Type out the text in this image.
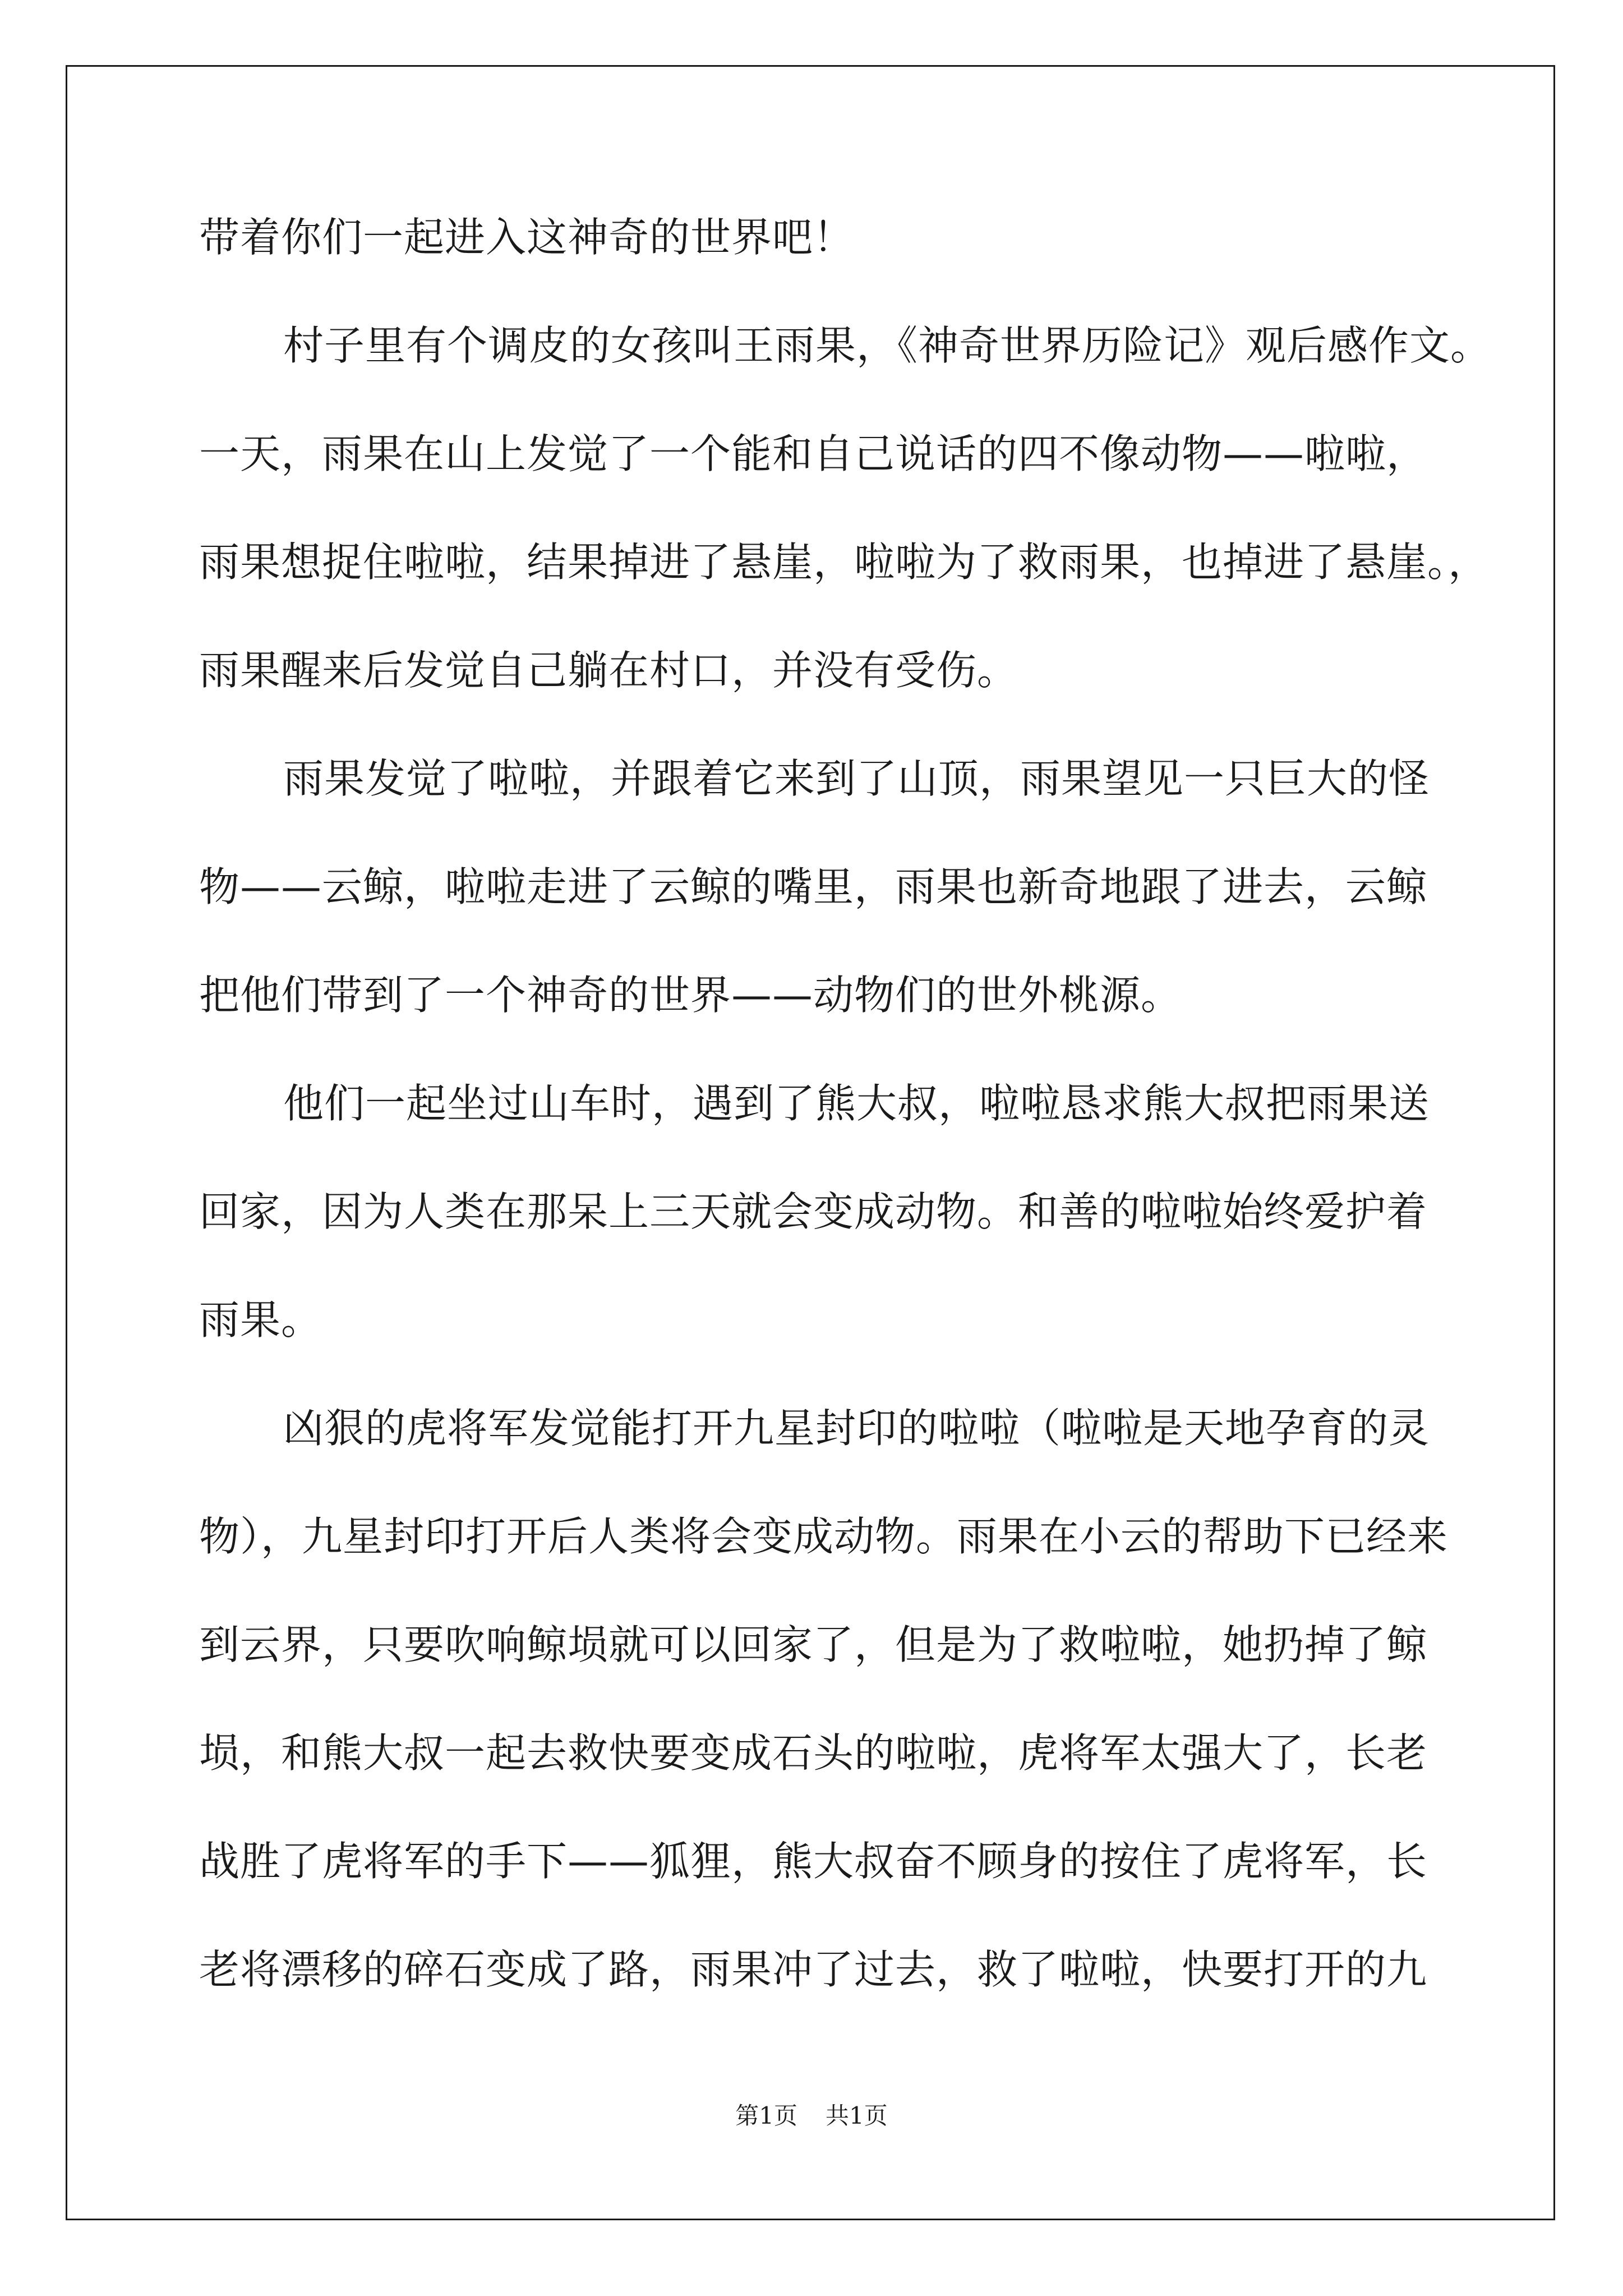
带着你们一起进入这神奇的世界吧！
村子里有个调皮的女孩叫王雨果，《神奇世界历险记》观后感作文。
一天，雨果在山上发觉了一个能和自己说话的四不像动物——啦啦，
雨果想捉住啦啦，结果掉进了悬崖，啦啦为了救雨果，也掉进了悬崖。，
雨果醒来后发觉自己躺在村口，并没有受伤。
雨果发觉了啦啦，并跟着它来到了山顶，雨果望见一只巨大的怪
物——云鲸，啦啦走进了云鲸的嘴里，雨果也新奇地跟了进去，云鲸
把他们带到了一个神奇的世界——动物们的世外桃源。
他们一起坐过山车时，遇到了熊大叔，啦啦恳求熊大叔把雨果送
回家，因为人类在那呆上三天就会变成动物。和善的啦啦始终爱护着
雨果。
凶狠的虎将军发觉能打开九星封印的啦啦（啦啦是天地孕育的灵
物），九星封印打开后人类将会变成动物。雨果在小云的帮助下已经来
到云界，只要吹响鲸埙就可以回家了，但是为了救啦啦，她扔掉了鲸
埙，和熊大叔一起去救快要变成石头的啦啦，虎将军太强大了，长老
战胜了虎将军的手下——狐狸，熊大叔奋不顾身的按住了虎将军，长
老将漂移的碎石变成了路，雨果冲了过去，救了啦啦，快要打开的九
第1页 共1页
